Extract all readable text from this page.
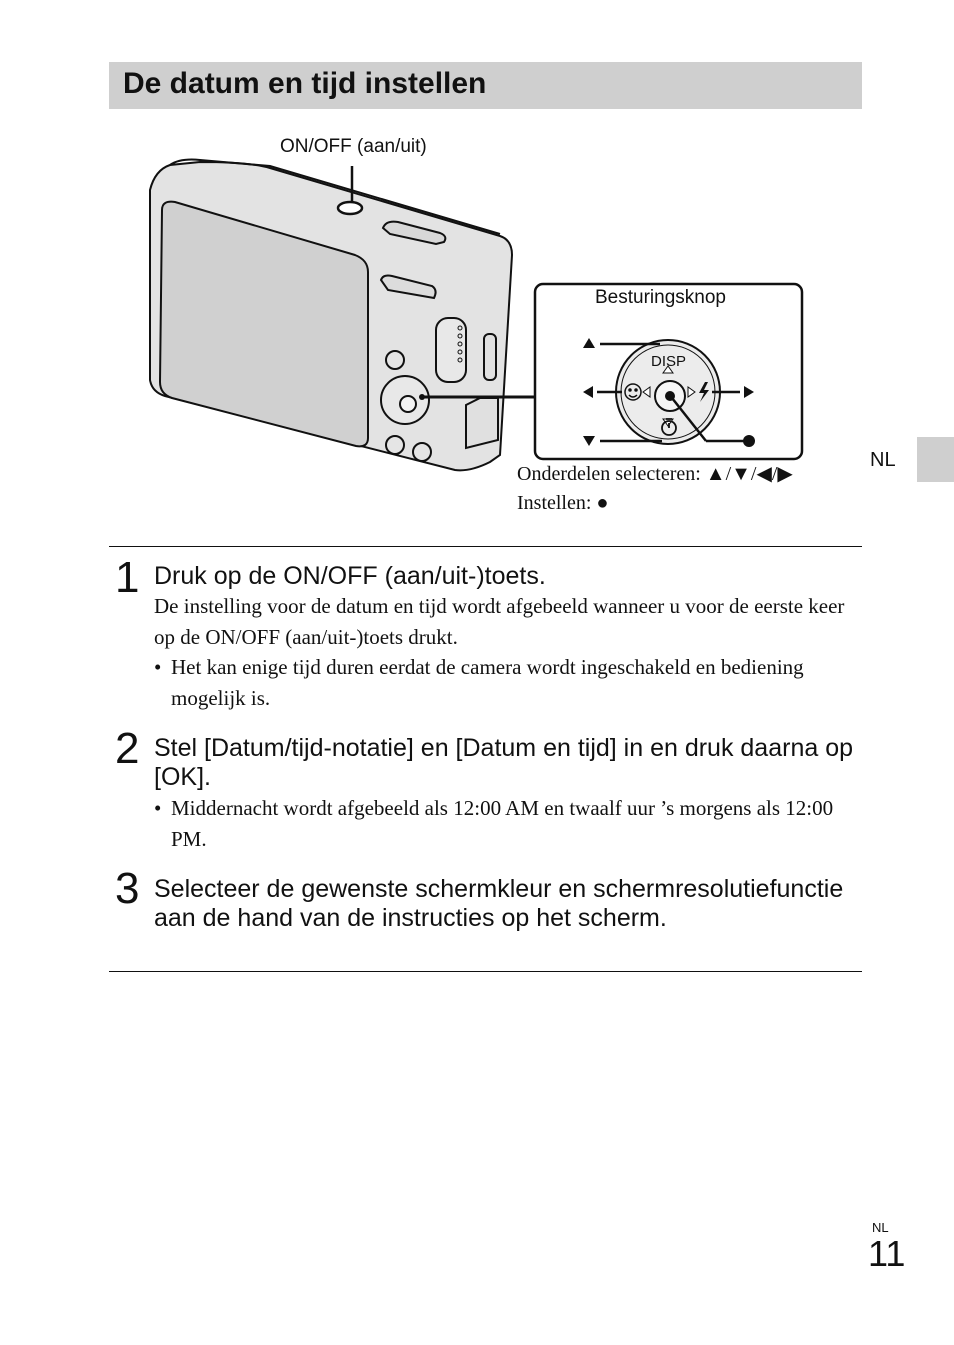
De datum en tijd instellen
DISP
ON/OFF (aan/uit)
Besturingsknop
Onderdelen selecteren: ▲/▼/◀/▶
Instellen: ●
NL
1 Druk op de ON/OFF (aan/uit-)toets.
De instelling voor de datum en tijd wordt afgebeeld wanneer u voor de eerste keer op de ON/OFF (aan/uit-)toets drukt.
• Het kan enige tijd duren eerdat de camera wordt ingeschakeld en bediening mogelijk is.
2 Stel [Datum/tijd-notatie] en [Datum en tijd] in en druk daarna op [OK].
• Middernacht wordt afgebeeld als 12:00 AM en twaalf uur ’s morgens als 12:00 PM.
3 Selecteer de gewenste schermkleur en schermresolutiefunctie aan de hand van de instructies op het scherm.
NL
11
